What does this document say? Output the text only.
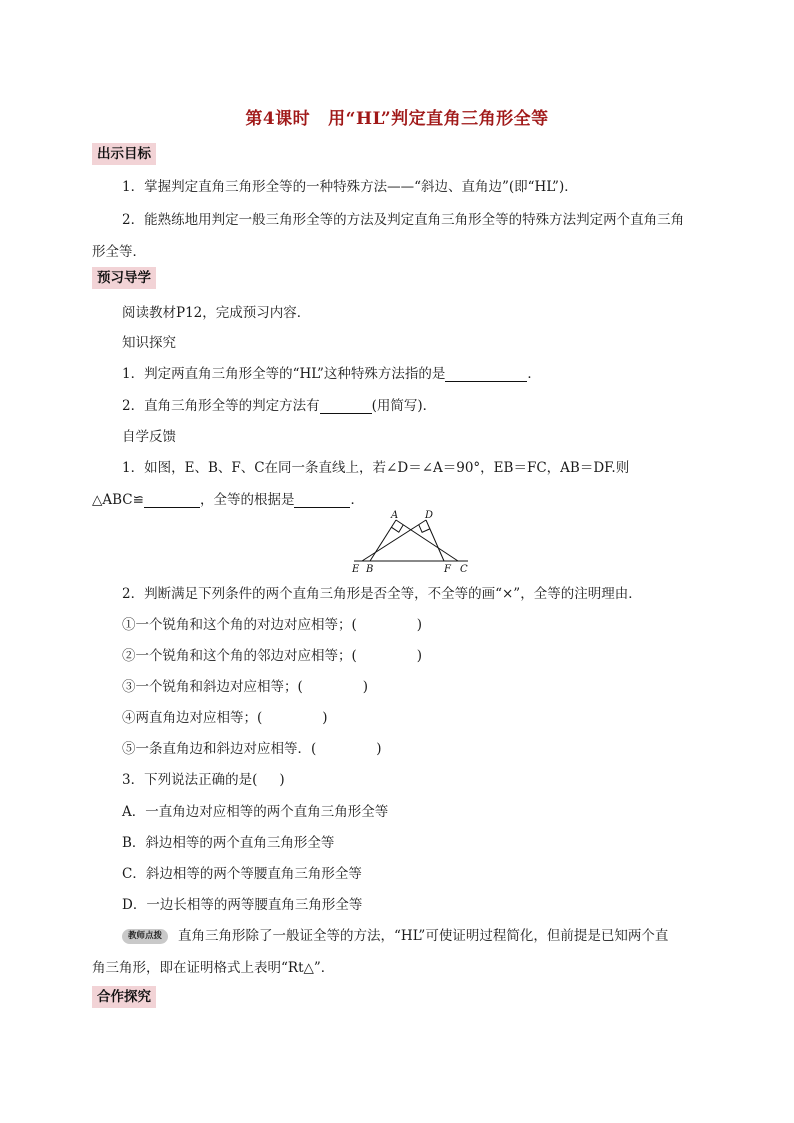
第4课时 用“HL”判定直角三角形全等
出示目标
1．掌握判定直角三角形全等的一种特殊方法——“斜边、直角边”(即“HL”)．
2．能熟练地用判定一般三角形全等的方法及判定直角三角形全等的特殊方法判定两个直角三角
形全等．
预习导学
阅读教材P12，完成预习内容．
知识探究
1．判定两直角三角形全等的“HL”这种特殊方法指的是	．
2．直角三角形全等的判定方法有	(用简写)．
自学反馈
1．如图，E、B、F、C在同一条直线上，若∠D＝∠A＝90°，EB＝FC，AB＝DF.则
△ABC≌	，全等的根据是	．
A	D
E B	F C
2．判断满足下列条件的两个直角三角形是否全等，不全等的画“×”，全等的注明理由．
①一个锐角和这个角的对边对应相等；(	)
②一个锐角和这个角的邻边对应相等；(	)
③一个锐角和斜边对应相等；(	)
④两直角边对应相等；(	)
⑤一条直角边和斜边对应相等．(	)
3．下列说法正确的是( )
A．一直角边对应相等的两个直角三角形全等
B．斜边相等的两个直角三角形全等
C．斜边相等的两个等腰直角三角形全等
D．一边长相等的两等腰直角三角形全等
教师点拨 直角三角形除了一般证全等的方法，“HL”可使证明过程简化，但前提是已知两个直
角三角形，即在证明格式上表明“Rt△”．
合作探究
